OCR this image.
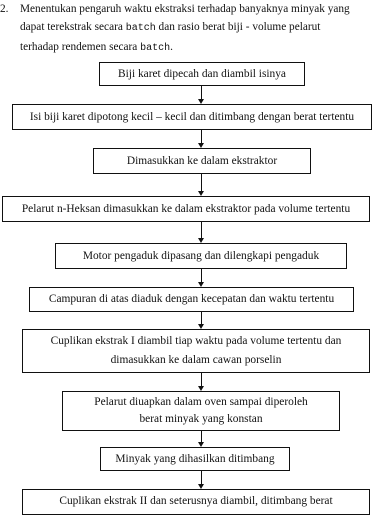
2. Menentukan pengaruh waktu ekstraksi terhadap banyaknya minyak yang
dapat terekstrak secara batch dan rasio berat biji - volume pelarut
terhadap rendemen secara batch.
Biji karet dipecah dan diambil isinya
Isi biji karet dipotong kecil – kecil dan ditimbang dengan berat tertentu
Dimasukkan ke dalam ekstraktor
Pelarut n-Heksan dimasukkan ke dalam ekstraktor pada volume tertentu
Motor pengaduk dipasang dan dilengkapi pengaduk
Campuran di atas diaduk dengan kecepatan dan waktu tertentu
Cuplikan ekstrak I diambil tiap waktu pada volume tertentu dan
dimasukkan ke dalam cawan porselin
Pelarut diuapkan dalam oven sampai diperoleh
berat minyak yang konstan
Minyak yang dihasilkan ditimbang
Cuplikan ekstrak II dan seterusnya diambil, ditimbang berat
